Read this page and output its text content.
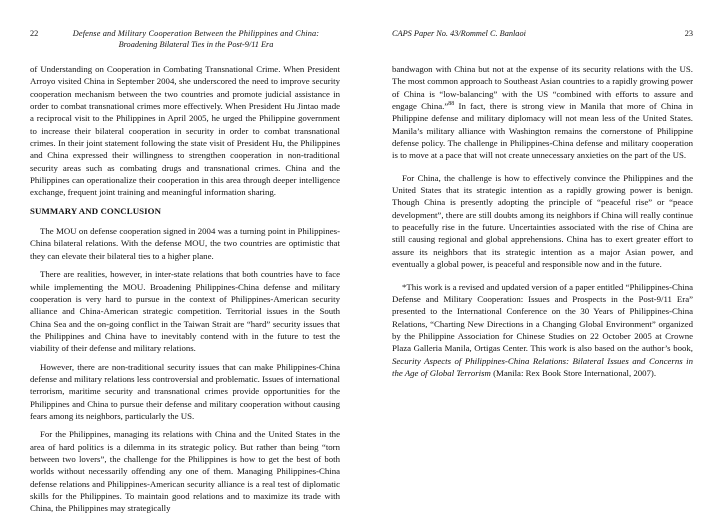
22	Defense and Military Cooperation Between the Philippines and China:
Broadening Bilateral Ties in the Post-9/11 Era

of Understanding on Cooperation in Combating Transnational Crime. When President Arroyo visited China in September 2004, she underscored the need to improve security cooperation mechanism between the two countries and promote judicial assistance in order to combat transnational crimes more effectively. When President Hu Jintao made a reciprocal visit to the Philippines in April 2005, he urged the Philippine government to increase their bilateral cooperation in security in order to combat transnational crimes. In their joint statement following the state visit of President Hu, the Philippines and China expressed their willingness to strengthen cooperation in non-traditional security areas such as combating drugs and transnational crimes. China and the Philippines can operationalize their cooperation in this area through deeper intelligence exchange, frequent joint training and meaningful information sharing.

SUMMARY AND CONCLUSION

The MOU on defense cooperation signed in 2004 was a turning point in Philippines-China bilateral relations. With the defense MOU, the two countries are optimistic that they can elevate their bilateral ties to a higher plane.

There are realities, however, in inter-state relations that both countries have to face while implementing the MOU. Broadening Philippines-China defense and military cooperation is very hard to pursue in the context of Philippines-American security alliance and China-American strategic competition. Territorial issues in the South China Sea and the on-going conflict in the Taiwan Strait are “hard” security issues that the Philippines and China have to inevitably contend with in the future to test the viability of their defense and military relations.

However, there are non-traditional security issues that can make Philippines-China defense and military relations less controversial and problematic. Issues of international terrorism, maritime security and transnational crimes provide opportunities for the Philippines and China to pursue their defense and military cooperation without causing fears among its neighbors, particularly the US.

For the Philippines, managing its relations with China and the United States in the area of hard politics is a dilemma in its strategic policy. But rather than being “torn between two lovers”, the challenge for the Philippines is how to get the best of both worlds without necessarily offending any one of them. Managing Philippines-China defense relations and Philippines-American security alliance is a real test of diplomatic skills for the Philippines. To maintain good relations and to maximize its trade with China, the Philippines may strategically

CAPS Paper No. 43/Rommel C. Banlaoi	23

bandwagon with China but not at the expense of its security relations with the US. The most common approach to Southeast Asian countries to a rapidly growing power of China is “low-balancing” with the US “combined with efforts to assure and engage China.”$^{88}$ In fact, there is strong view in Manila that more of China in Philippine defense and military diplomacy will not mean less of the United States. Manila’s military alliance with Washington remains the cornerstone of Philippine defense policy. The challenge in Philippines-China defense and military cooperation is to move at a pace that will not create unnecessary anxieties on the part of the US.

For China, the challenge is how to effectively convince the Philippines and the United States that its strategic intention as a rapidly growing power is benign. Though China is presently adopting the principle of “peaceful rise” or “peace development”, there are still doubts among its neighbors if China will really continue to peacefully rise in the future. Uncertainties associated with the rise of China are still causing regional and global apprehensions. China has to exert greater effort to assure its neighbors that its strategic intention as a major Asian power, and eventually a global power, is peaceful and responsible now and in the future.

*This work is a revised and updated version of a paper entitled “Philippines-China Defense and Military Cooperation: Issues and Prospects in the Post-9/11 Era” presented to the International Conference on the 30 Years of Philippines-China Relations, “Charting New Directions in a Changing Global Environment” organized by the Philippine Association for Chinese Studies on 22 October 2005 at Crowne Plaza Galleria Manila, Ortigas Center. This work is also based on the author’s book, Security Aspects of Philippines-China Relations: Bilateral Issues and Concerns in the Age of Global Terrorism (Manila: Rex Book Store International, 2007).
